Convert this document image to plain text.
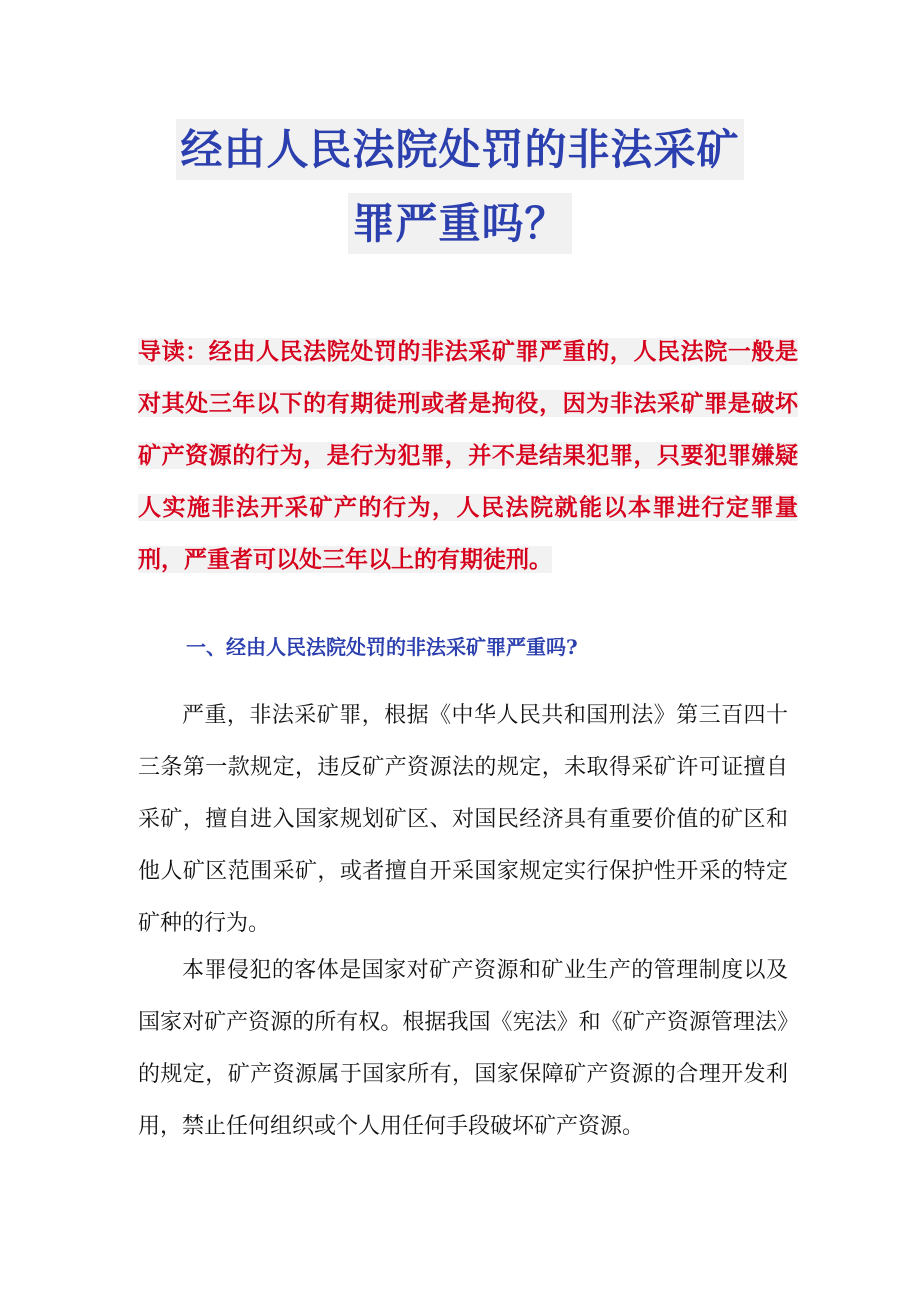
经由人民法院处罚的非法采矿
罪严重吗？
导读：经由人民法院处罚的非法采矿罪严重的，人民法院一般是对其处三年以下的有期徒刑或者是拘役，因为非法采矿罪是破坏矿产资源的行为，是行为犯罪，并不是结果犯罪，只要犯罪嫌疑人实施非法开采矿产的行为，人民法院就能以本罪进行定罪量刑，严重者可以处三年以上的有期徒刑。
一、经由人民法院处罚的非法采矿罪严重吗?
严重，非法采矿罪，根据《中华人民共和国刑法》第三百四十三条第一款规定，违反矿产资源法的规定，未取得采矿许可证擅自采矿，擅自进入国家规划矿区、对国民经济具有重要价值的矿区和他人矿区范围采矿，或者擅自开采国家规定实行保护性开采的特定矿种的行为。
本罪侵犯的客体是国家对矿产资源和矿业生产的管理制度以及国家对矿产资源的所有权。根据我国《宪法》和《矿产资源管理法》的规定，矿产资源属于国家所有，国家保障矿产资源的合理开发利用，禁止任何组织或个人用任何手段破坏矿产资源。
